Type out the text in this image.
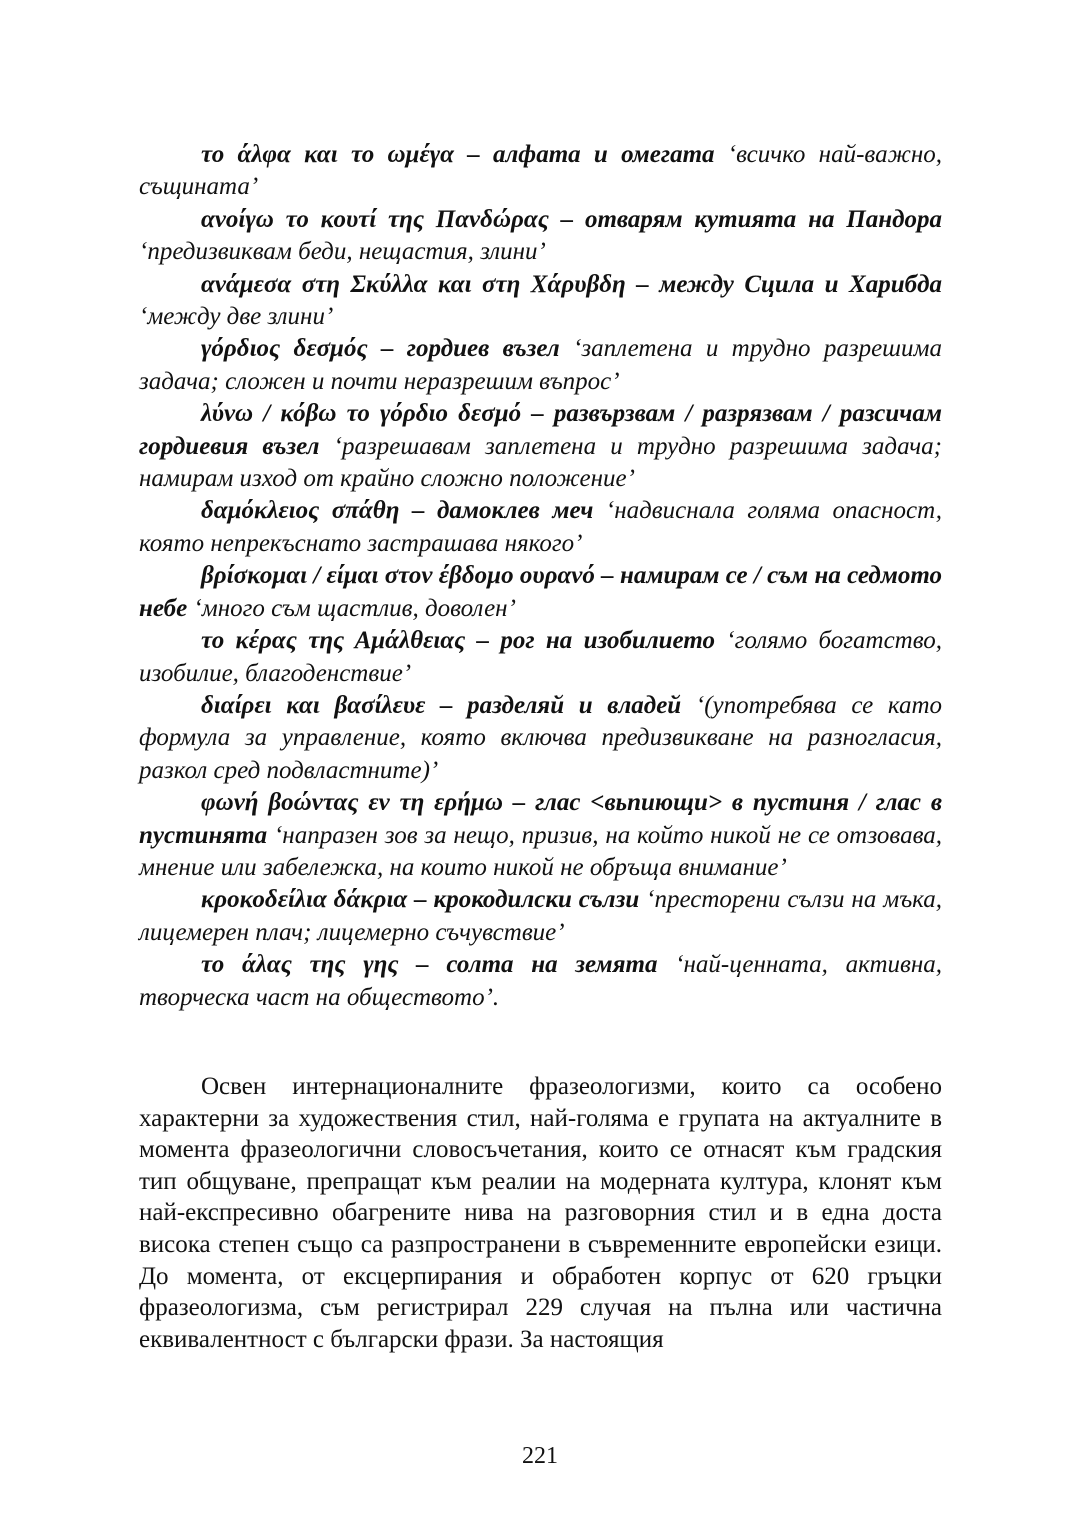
το άλφα και το ωμέγα – алфата и омегата ‘всичко най-важно, същината’

ανοίγω το κουτί της Πανδώρας – отварям кутията на Пандора ‘предизвиквам беди, нещастия, злини’

ανάμεσα στη Σκύλλα και στη Χάρυβδη – между Сцила и Харибда ‘между две злини’

γόρδιος δεσμός – гордиев възел ‘заплетена и трудно разрешима задача; сложен и почти неразрешим въпрос’

λύνω / κόβω το γόρδιο δεσμό – развързвам / разрязвам / разсичам гордиевия възел ‘разрешавам заплетена и трудно разрешима задача; намирам изход от крайно сложно положение’

δαμόκλειος σπάθη – дамоклев меч ‘надвиснала голяма опасност, която непрекъснато застрашава някого’

βρίσκομαι / είμαι στον έβδομο ουρανό – намирам се / съм на седмото небе ‘много съм щастлив, доволен’

το κέρας της Αμάλθειας – рог на изобилието ‘голямо богатство, изобилие, благоденствие’

διαίρει και βασίλευε – разделяй и владей ‘(употребява се като формула за управление, която включва предизвикване на разногласия, разкол сред подвластните)’

φωνή βοώντας εν τη ερήμω – глас <вьпиющи> в пустиня / глас в пустинята ‘напразен зов за нещо, призив, на който никой не се отзовава, мнение или забележка, на които никой не обръща внимание’

κροκοδείλια δάκρια – крокодилски сълзи ‘престорени сълзи на мъка, лицемерен плач; лицемерно съчувствие’

το άλας της γης – солта на земята ‘най-ценната, активна, творческа част на обществото’.

Освен интернационалните фразеологизми, които са особено характерни за художествения стил, най-голяма е групата на актуалните в момента фразеологични словосъчетания, които се отнасят към градския тип общуване, препращат към реалии на модерната култура, клонят към най-експресивно обагрените нива на разговорния стил и в една доста висока степен също са разпространени в съвременните европейски езици. До момента, от ексцерпирания и обработен корпус от 620 гръцки фразеологизма, съм регистрирал 229 случая на пълна или частична еквивалентност с български фрази. За настоящия

221
